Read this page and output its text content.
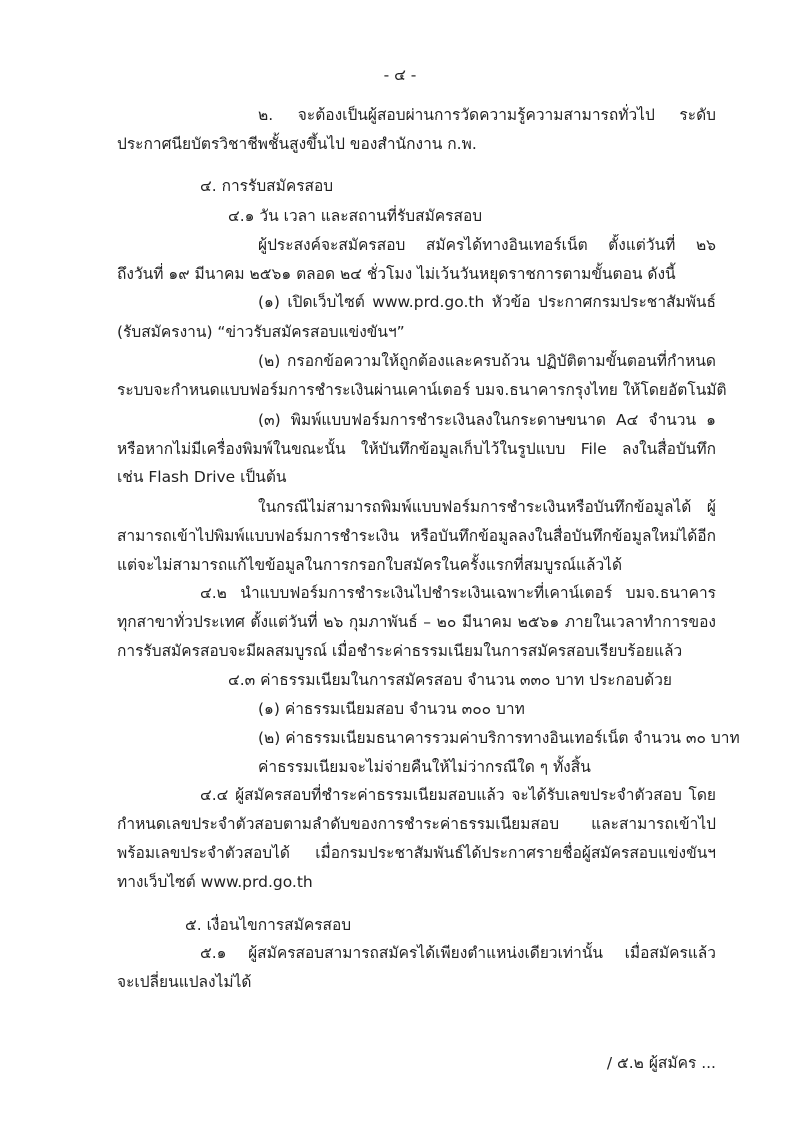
- ๔ -
๒. จะต้องเป็นผู้สอบผ่านการวัดความรู้ความสามารถทั่วไป ระดับ
ประกาศนียบัตรวิชาชีพชั้นสูงขึ้นไป ของสำนักงาน ก.พ.
๔. การรับสมัครสอบ
๔.๑ วัน เวลา และสถานที่รับสมัครสอบ
ผู้ประสงค์จะสมัครสอบ สมัครได้ทางอินเทอร์เน็ต ตั้งแต่วันที่ ๒๖
ถึงวันที่ ๑๙ มีนาคม ๒๕๖๑ ตลอด ๒๔ ชั่วโมง ไม่เว้นวันหยุดราชการตามขั้นตอน ดังนี้
(๑) เปิดเว็บไซต์ www.prd.go.th หัวข้อ ประกาศกรมประชาสัมพันธ์
(รับสมัครงาน) “ข่าวรับสมัครสอบแข่งขันฯ”
(๒) กรอกข้อความให้ถูกต้องและครบถ้วน ปฏิบัติตามขั้นตอนที่กำหนด
ระบบจะกำหนดแบบฟอร์มการชำระเงินผ่านเคาน์เตอร์ บมจ.ธนาคารกรุงไทย ให้โดยอัตโนมัติ
(๓) พิมพ์แบบฟอร์มการชำระเงินลงในกระดาษขนาด A๔ จำนวน ๑
หรือหากไม่มีเครื่องพิมพ์ในขณะนั้น ให้บันทึกข้อมูลเก็บไว้ในรูปแบบ File ลงในสื่อบันทึก
เช่น Flash Drive เป็นต้น
ในกรณีไม่สามารถพิมพ์แบบฟอร์มการชำระเงินหรือบันทึกข้อมูลได้ ผู้
สามารถเข้าไปพิมพ์แบบฟอร์มการชำระเงิน หรือบันทึกข้อมูลลงในสื่อบันทึกข้อมูลใหม่ได้อีก
แต่จะไม่สามารถแก้ไขข้อมูลในการกรอกใบสมัครในครั้งแรกที่สมบูรณ์แล้วได้
๔.๒ นำแบบฟอร์มการชำระเงินไปชำระเงินเฉพาะที่เคาน์เตอร์ บมจ.ธนาคาร
ทุกสาขาทั่วประเทศ ตั้งแต่วันที่ ๒๖ กุมภาพันธ์ – ๒๐ มีนาคม ๒๕๖๑ ภายในเวลาทำการของ
การรับสมัครสอบจะมีผลสมบูรณ์ เมื่อชำระค่าธรรมเนียมในการสมัครสอบเรียบร้อยแล้ว
๔.๓ ค่าธรรมเนียมในการสมัครสอบ จำนวน ๓๓๐ บาท ประกอบด้วย
(๑) ค่าธรรมเนียมสอบ จำนวน ๓๐๐ บาท
(๒) ค่าธรรมเนียมธนาคารรวมค่าบริการทางอินเทอร์เน็ต จำนวน ๓๐ บาท
ค่าธรรมเนียมจะไม่จ่ายคืนให้ไม่ว่ากรณีใด ๆ ทั้งสิ้น
๔.๔ ผู้สมัครสอบที่ชำระค่าธรรมเนียมสอบแล้ว จะได้รับเลขประจำตัวสอบ โดย
กำหนดเลขประจำตัวสอบตามลำดับของการชำระค่าธรรมเนียมสอบ และสามารถเข้าไป
พร้อมเลขประจำตัวสอบได้ เมื่อกรมประชาสัมพันธ์ได้ประกาศรายชื่อผู้สมัครสอบแข่งขันฯ
ทางเว็บไซต์ www.prd.go.th
๕. เงื่อนไขการสมัครสอบ
๕.๑ ผู้สมัครสอบสามารถสมัครได้เพียงตำแหน่งเดียวเท่านั้น เมื่อสมัครแล้ว
จะเปลี่ยนแปลงไม่ได้
/ ๕.๒ ผู้สมัคร ...
